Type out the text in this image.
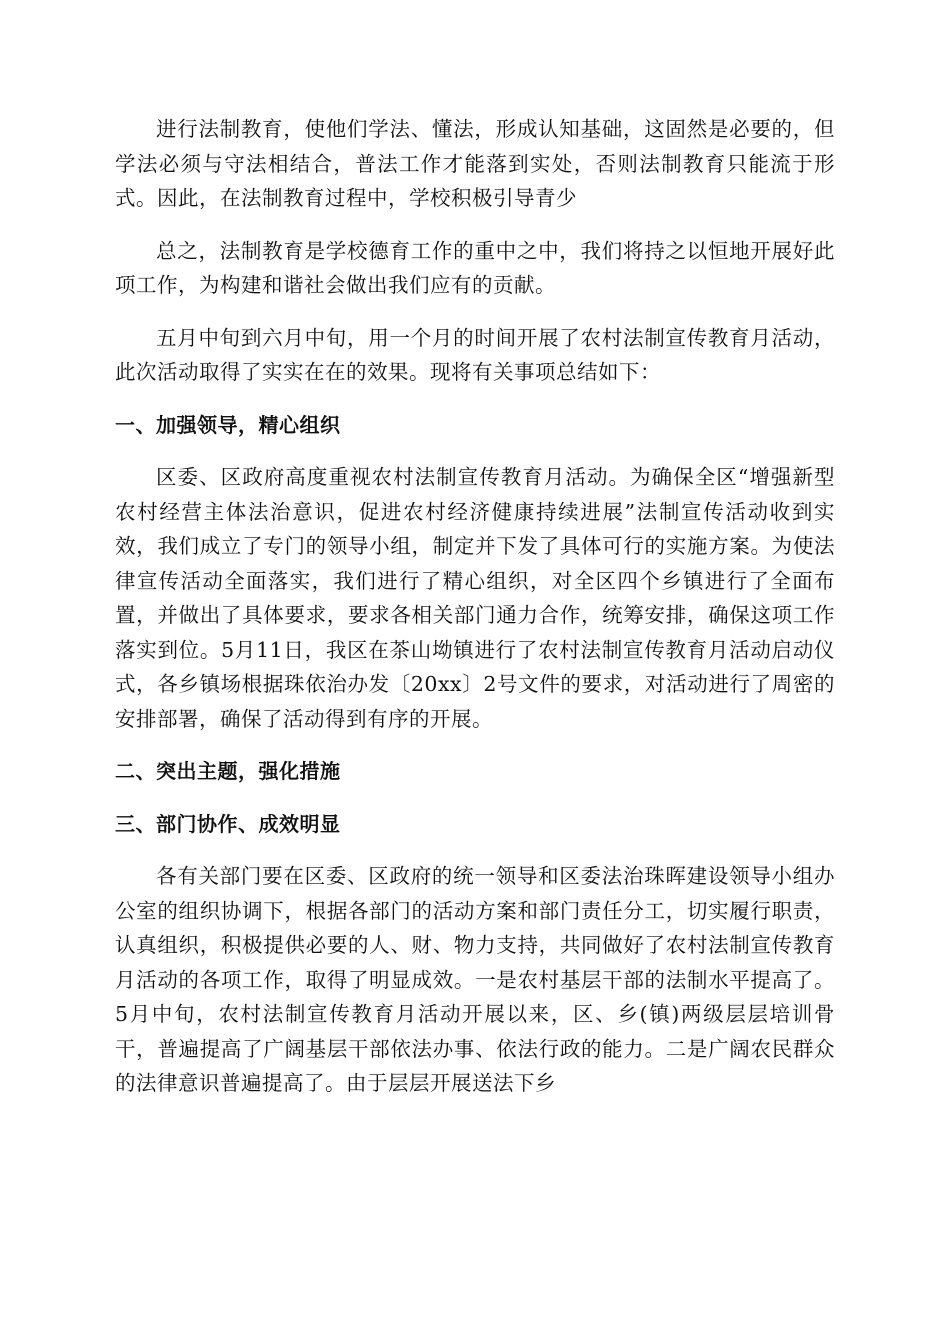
进行法制教育，使他们学法、懂法，形成认知基础，这固然是必要的，但学法必须与守法相结合，普法工作才能落到实处，否则法制教育只能流于形式。因此，在法制教育过程中，学校积极引导青少

总之，法制教育是学校德育工作的重中之中，我们将持之以恒地开展好此项工作，为构建和谐社会做出我们应有的贡献。

五月中旬到六月中旬，用一个月的时间开展了农村法制宣传教育月活动，此次活动取得了实实在在的效果。现将有关事项总结如下：

一、加强领导，精心组织

区委、区政府高度重视农村法制宣传教育月活动。为确保全区“增强新型农村经营主体法治意识，促进农村经济健康持续进展”法制宣传活动收到实效，我们成立了专门的领导小组，制定并下发了具体可行的实施方案。为使法律宣传活动全面落实，我们进行了精心组织，对全区四个乡镇进行了全面布置，并做出了具体要求，要求各相关部门通力合作，统筹安排，确保这项工作落实到位。5月11日，我区在茶山坳镇进行了农村法制宣传教育月活动启动仪式，各乡镇场根据珠依治办发〔20xx〕2号文件的要求，对活动进行了周密的安排部署，确保了活动得到有序的开展。

二、突出主题，强化措施

三、部门协作、成效明显

各有关部门要在区委、区政府的统一领导和区委法治珠晖建设领导小组办公室的组织协调下，根据各部门的活动方案和部门责任分工，切实履行职责，认真组织，积极提供必要的人、财、物力支持，共同做好了农村法制宣传教育月活动的各项工作，取得了明显成效。一是农村基层干部的法制水平提高了。5月中旬，农村法制宣传教育月活动开展以来，区、乡(镇)两级层层培训骨干，普遍提高了广阔基层干部依法办事、依法行政的能力。二是广阔农民群众的法律意识普遍提高了。由于层层开展送法下乡
